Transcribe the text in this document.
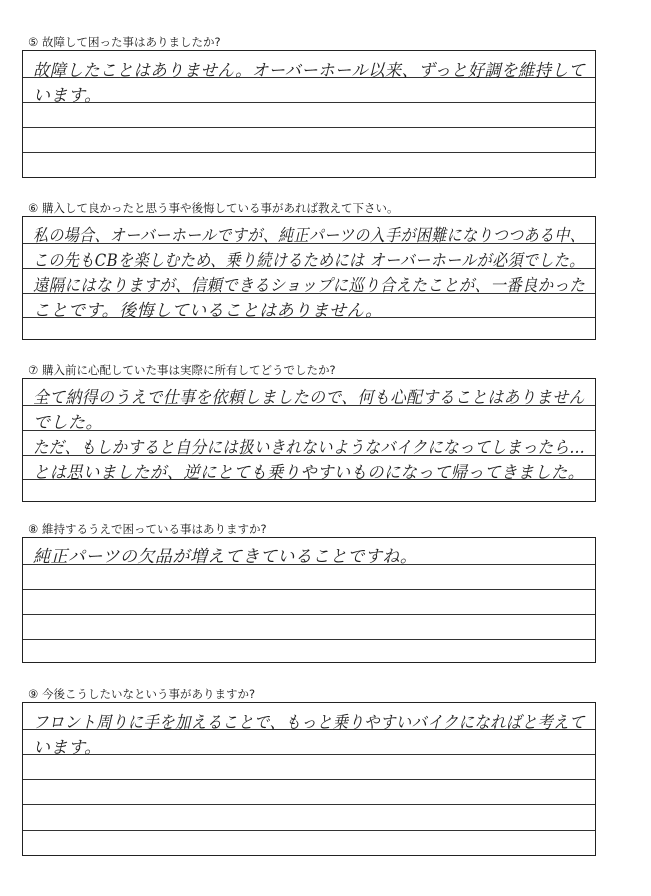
⑤ 故障して困った事はありましたか?
故障したことはありません。オーバーホール以来、ずっと好調を維持して
います。
⑥ 購入して良かったと思う事や後悔している事があれば教えて下さい。
私の場合、オーバーホールですが、純正パーツの入手が困難になりつつある中、
この先もCBを楽しむため、乗り続けるためには オーバーホールが必須でした。
遠隔にはなりますが、信頼できるショップに巡り合えたことが、一番良かった
ことです。後悔していることはありません。
⑦ 購入前に心配していた事は実際に所有してどうでしたか?
全て納得のうえで仕事を依頼しましたので、何も心配することはありません
でした。
ただ、もしかすると自分には扱いきれないようなバイクになってしまったら…
とは思いましたが、逆にとても乗りやすいものになって帰ってきました。
⑧ 維持するうえで困っている事はありますか?
純正パーツの欠品が増えてきていることですね。
⑨ 今後こうしたいなという事がありますか?
フロント周りに手を加えることで、もっと乗りやすいバイクになればと考えて
います。
